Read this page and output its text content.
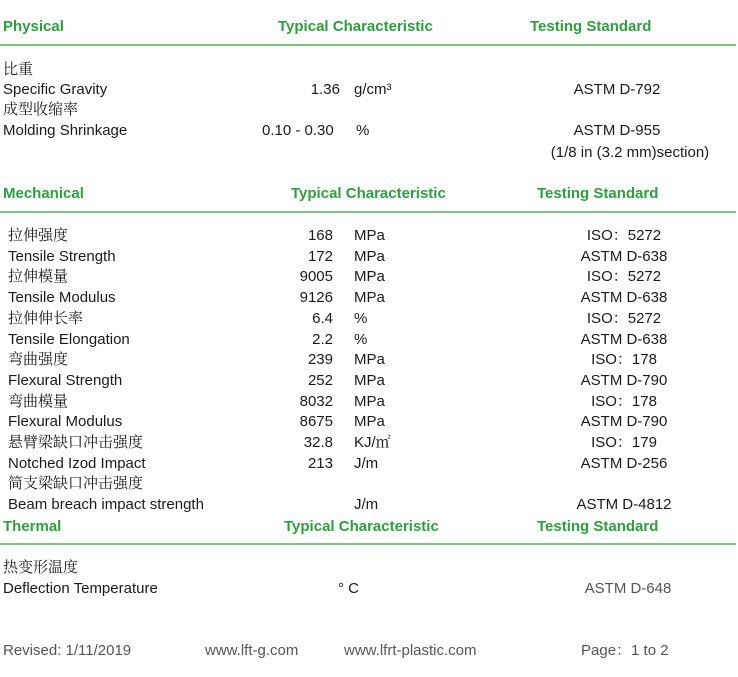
Physical	Typical Characteristic	Testing Standard
比重
Specific Gravity	1.36 g/cm³	ASTM D-792
成型收缩率
Molding Shrinkage	0.10 - 0.30 %	ASTM D-955
(1/8 in (3.2 mm)section)
Mechanical	Typical Characteristic	Testing Standard
拉伸强度	168 MPa	ISO：5272
Tensile Strength	172 MPa	ASTM D-638
拉伸模量	9005 MPa	ISO：5272
Tensile Modulus	9126 MPa	ASTM D-638
拉伸伸长率	6.4 %	ISO：5272
Tensile Elongation	2.2 %	ASTM D-638
弯曲强度	239 MPa	ISO：178
Flexural Strength	252 MPa	ASTM D-790
弯曲模量	8032 MPa	ISO：178
Flexural Modulus	8675 MPa	ASTM D-790
悬臂梁缺口冲击强度	32.8 KJ/㎡	ISO：179
Notched Izod Impact	213 J/m	ASTM D-256
简支梁缺口冲击强度
Beam breach impact strength	J/m	ASTM D-4812
Thermal	Typical Characteristic	Testing Standard
热变形温度
Deflection Temperature	° C	ASTM D-648
Revised: 1/11/2019	www.lft-g.com	www.lfrt-plastic.com	Page：1 to 2
